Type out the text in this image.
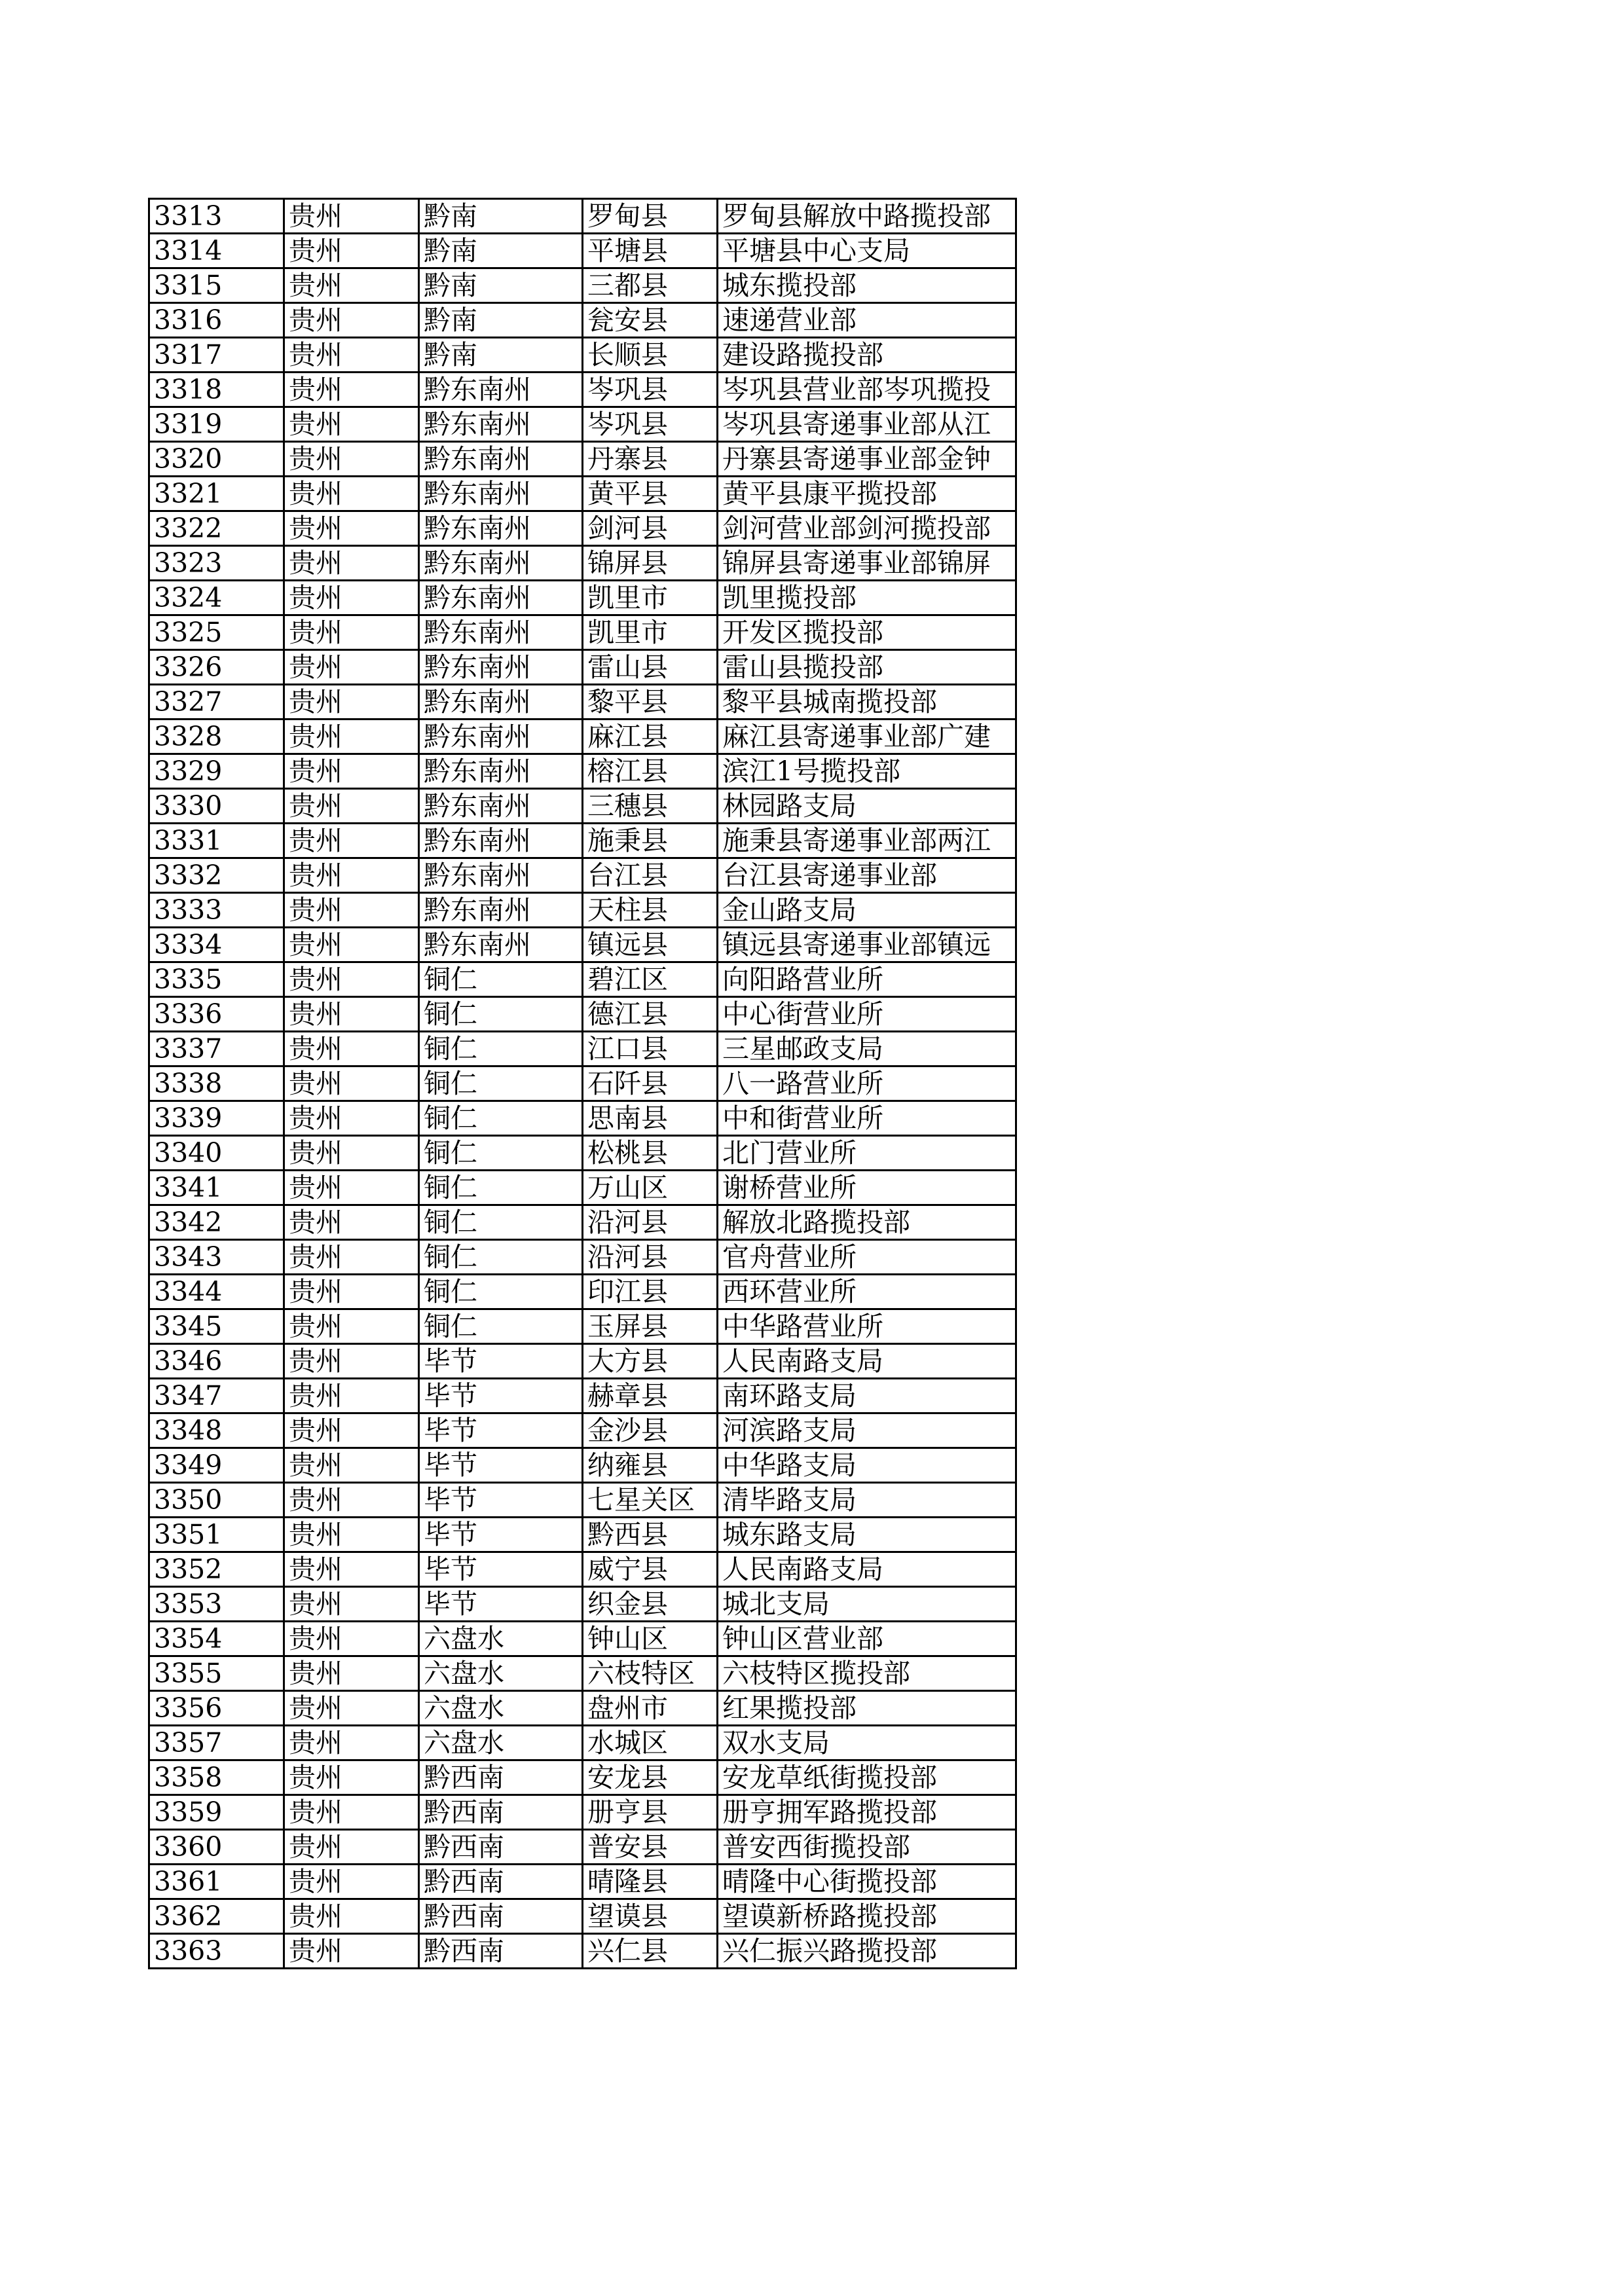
3313	贵州	黔南	罗甸县	罗甸县解放中路揽投部
3314	贵州	黔南	平塘县	平塘县中心支局
3315	贵州	黔南	三都县	城东揽投部
3316	贵州	黔南	瓮安县	速递营业部
3317	贵州	黔南	长顺县	建设路揽投部
3318	贵州	黔东南州	岑巩县	岑巩县营业部岑巩揽投
3319	贵州	黔东南州	岑巩县	岑巩县寄递事业部从江
3320	贵州	黔东南州	丹寨县	丹寨县寄递事业部金钟
3321	贵州	黔东南州	黄平县	黄平县康平揽投部
3322	贵州	黔东南州	剑河县	剑河营业部剑河揽投部
3323	贵州	黔东南州	锦屏县	锦屏县寄递事业部锦屏
3324	贵州	黔东南州	凯里市	凯里揽投部
3325	贵州	黔东南州	凯里市	开发区揽投部
3326	贵州	黔东南州	雷山县	雷山县揽投部
3327	贵州	黔东南州	黎平县	黎平县城南揽投部
3328	贵州	黔东南州	麻江县	麻江县寄递事业部广建
3329	贵州	黔东南州	榕江县	滨江1号揽投部
3330	贵州	黔东南州	三穗县	林园路支局
3331	贵州	黔东南州	施秉县	施秉县寄递事业部两江
3332	贵州	黔东南州	台江县	台江县寄递事业部
3333	贵州	黔东南州	天柱县	金山路支局
3334	贵州	黔东南州	镇远县	镇远县寄递事业部镇远
3335	贵州	铜仁	碧江区	向阳路营业所
3336	贵州	铜仁	德江县	中心街营业所
3337	贵州	铜仁	江口县	三星邮政支局
3338	贵州	铜仁	石阡县	八一路营业所
3339	贵州	铜仁	思南县	中和街营业所
3340	贵州	铜仁	松桃县	北门营业所
3341	贵州	铜仁	万山区	谢桥营业所
3342	贵州	铜仁	沿河县	解放北路揽投部
3343	贵州	铜仁	沿河县	官舟营业所
3344	贵州	铜仁	印江县	西环营业所
3345	贵州	铜仁	玉屏县	中华路营业所
3346	贵州	毕节	大方县	人民南路支局
3347	贵州	毕节	赫章县	南环路支局
3348	贵州	毕节	金沙县	河滨路支局
3349	贵州	毕节	纳雍县	中华路支局
3350	贵州	毕节	七星关区	清毕路支局
3351	贵州	毕节	黔西县	城东路支局
3352	贵州	毕节	威宁县	人民南路支局
3353	贵州	毕节	织金县	城北支局
3354	贵州	六盘水	钟山区	钟山区营业部
3355	贵州	六盘水	六枝特区	六枝特区揽投部
3356	贵州	六盘水	盘州市	红果揽投部
3357	贵州	六盘水	水城区	双水支局
3358	贵州	黔西南	安龙县	安龙草纸街揽投部
3359	贵州	黔西南	册亨县	册亨拥军路揽投部
3360	贵州	黔西南	普安县	普安西街揽投部
3361	贵州	黔西南	晴隆县	晴隆中心街揽投部
3362	贵州	黔西南	望谟县	望谟新桥路揽投部
3363	贵州	黔西南	兴仁县	兴仁振兴路揽投部
